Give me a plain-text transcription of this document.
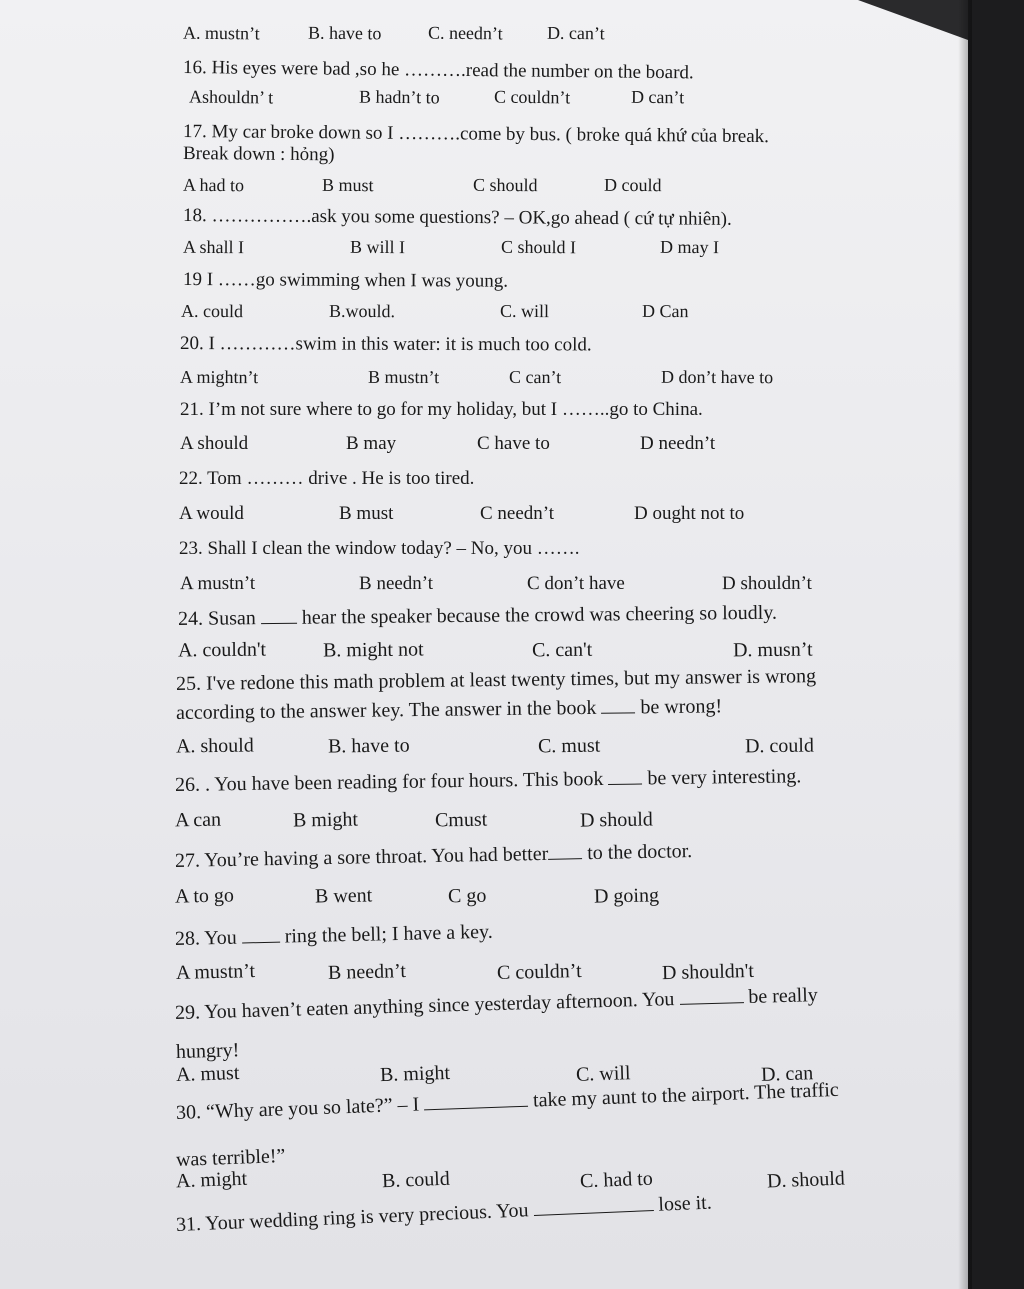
A. mustn’t	B. have to	C. needn’t D. can’t
16. His eyes were bad ,so he ……….read the number on the board.
Ashouldn’ t	B hadn’t to	C couldn’t	D can’t
17. My car broke down so I ……….come by bus. ( broke quá khứ của break.
Break down : hỏng)
A had to	B must	C should	D could
18. …………….ask you some questions? – OK,go ahead ( cứ tự nhiên).
A shall I	B will I	C should I	D may I
19 I ……go swimming when I was young.
A. could	B.would.	C. will	D Can
20. I …………swim in this water: it is much too cold.
A mightn’t	B mustn’t	C can’t	D don’t have to
21. I’m not sure where to go for my holiday, but I ……..go to China.
A should	B may	C have to	D needn’t
22. Tom ……… drive . He is too tired.
A would	B must	C needn’t	D ought not to
23. Shall I clean the window today? – No, you …….
A mustn’t	B needn’t	C don’t have	D shouldn’t
24. Susan  hear the speaker because the crowd was cheering so loudly.
A. couldn't	B. might not	C. can't	D. musn’t
25. I've redone this math problem at least twenty times, but my answer is wrong
according to the answer key. The answer in the book  be wrong!
A. should	B. have to	C. must	D. could
26. . You have been reading for four hours. This book  be very interesting.
A can	B might	Cmust	D should
27. You’re having a sore throat. You had better to the doctor.
A to go	B went	C go	D going
28. You  ring the bell; I have a key.
A mustn’t	B needn’t	C couldn’t	D shouldn't
29. You haven’t eaten anything since yesterday afternoon. You	be really
hungry!
A. must	B. might	C. will	D. can
30. “Why are you so late?” – I	take my aunt to the airport. The traffic
was terrible!”
A. might	B. could	C. had to	D. should
31. Your wedding ring is very precious. You	lose it.
